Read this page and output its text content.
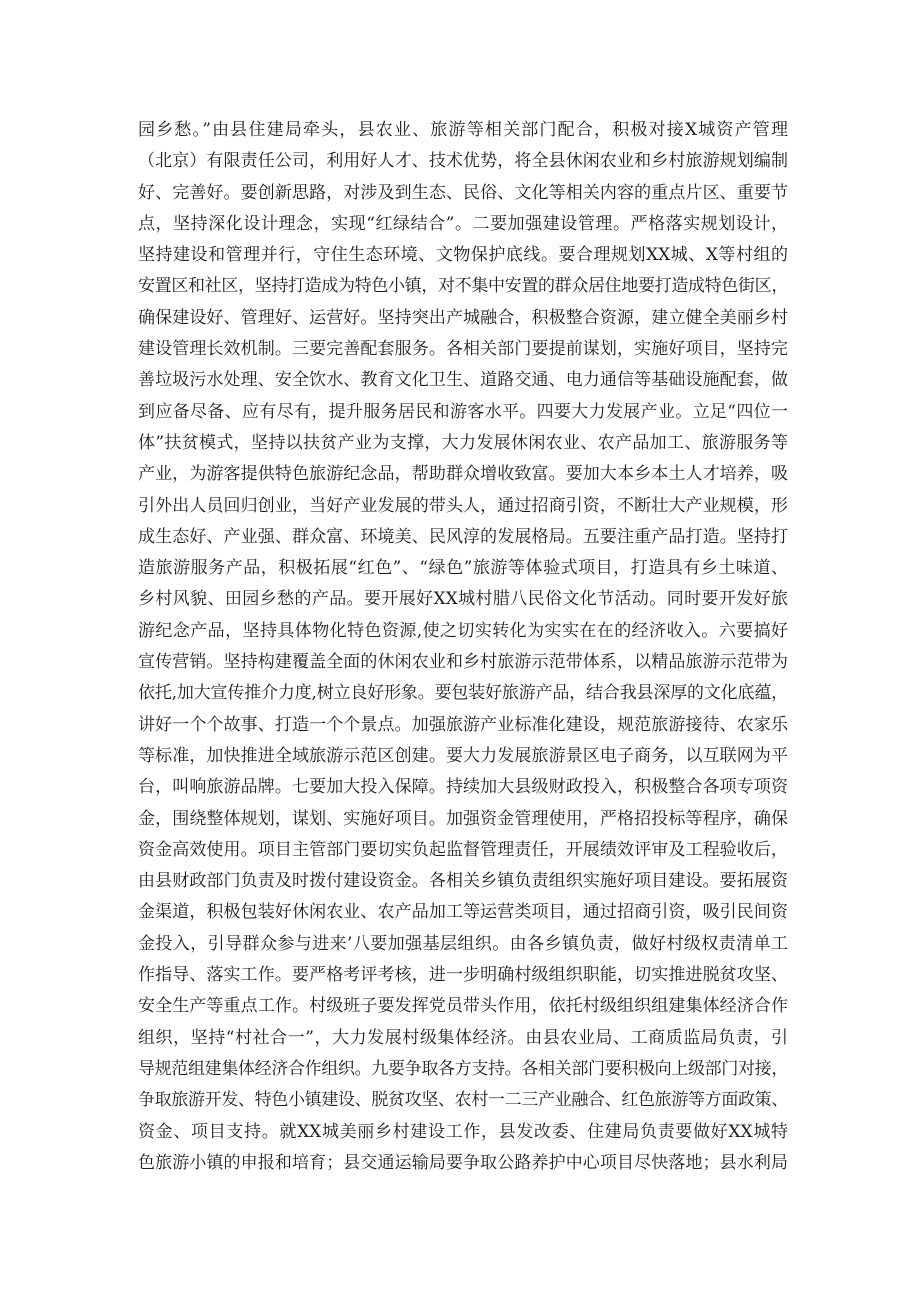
园乡愁。”由县住建局牵头，县农业、旅游等相关部门配合，积极对接X城资产管理
（北京）有限责任公司，利用好人才、技术优势，将全县休闲农业和乡村旅游规划编制
好、完善好。要创新思路，对涉及到生态、民俗、文化等相关内容的重点片区、重要节
点，坚持深化设计理念，实现“红绿结合”。二要加强建设管理。严格落实规划设计，
坚持建设和管理并行，守住生态环境、文物保护底线。要合理规划XX城、X等村组的
安置区和社区，坚持打造成为特色小镇，对不集中安置的群众居住地要打造成特色街区，
确保建设好、管理好、运营好。坚持突出产城融合，积极整合资源，建立健全美丽乡村
建设管理长效机制。三要完善配套服务。各相关部门要提前谋划，实施好项目，坚持完
善垃圾污水处理、安全饮水、教育文化卫生、道路交通、电力通信等基础设施配套，做
到应备尽备、应有尽有，提升服务居民和游客水平。四要大力发展产业。立足“四位一
体”扶贫模式，坚持以扶贫产业为支撑，大力发展休闲农业、农产品加工、旅游服务等
产业，为游客提供特色旅游纪念品，帮助群众增收致富。要加大本乡本土人才培养，吸
引外出人员回归创业，当好产业发展的带头人，通过招商引资，不断壮大产业规模，形
成生态好、产业强、群众富、环境美、民风淳的发展格局。五要注重产品打造。坚持打
造旅游服务产品，积极拓展“红色”、“绿色”旅游等体验式项目，打造具有乡土味道、
乡村风貌、田园乡愁的产品。要开展好XX城村腊八民俗文化节活动。同时要开发好旅
游纪念产品，坚持具体物化特色资源,使之切实转化为实实在在的经济收入。六要搞好
宣传营销。坚持构建覆盖全面的休闲农业和乡村旅游示范带体系，以精品旅游示范带为
依托,加大宣传推介力度,树立良好形象。要包装好旅游产品，结合我县深厚的文化底蕴，
讲好一个个故事、打造一个个景点。加强旅游产业标准化建设，规范旅游接待、农家乐
等标准，加快推进全域旅游示范区创建。要大力发展旅游景区电子商务，以互联网为平
台，叫响旅游品牌。七要加大投入保障。持续加大县级财政投入，积极整合各项专项资
金，围绕整体规划，谋划、实施好项目。加强资金管理使用，严格招投标等程序，确保
资金高效使用。项目主管部门要切实负起监督管理责任，开展绩效评审及工程验收后，
由县财政部门负责及时拨付建设资金。各相关乡镇负责组织实施好项目建设。要拓展资
金渠道，积极包装好休闲农业、农产品加工等运营类项目，通过招商引资，吸引民间资
金投入，引导群众参与进来’八要加强基层组织。由各乡镇负责，做好村级权责清单工
作指导、落实工作。要严格考评考核，进一步明确村级组织职能，切实推进脱贫攻坚、
安全生产等重点工作。村级班子要发挥党员带头作用，依托村级组织组建集体经济合作
组织，坚持“村社合一”，大力发展村级集体经济。由县农业局、工商质监局负责，引
导规范组建集体经济合作组织。九要争取各方支持。各相关部门要积极向上级部门对接，
争取旅游开发、特色小镇建设、脱贫攻坚、农村一二三产业融合、红色旅游等方面政策、
资金、项目支持。就XX城美丽乡村建设工作，县发改委、住建局负责要做好XX城特
色旅游小镇的申报和培育；县交通运输局要争取公路养护中心项目尽快落地；县水利局
